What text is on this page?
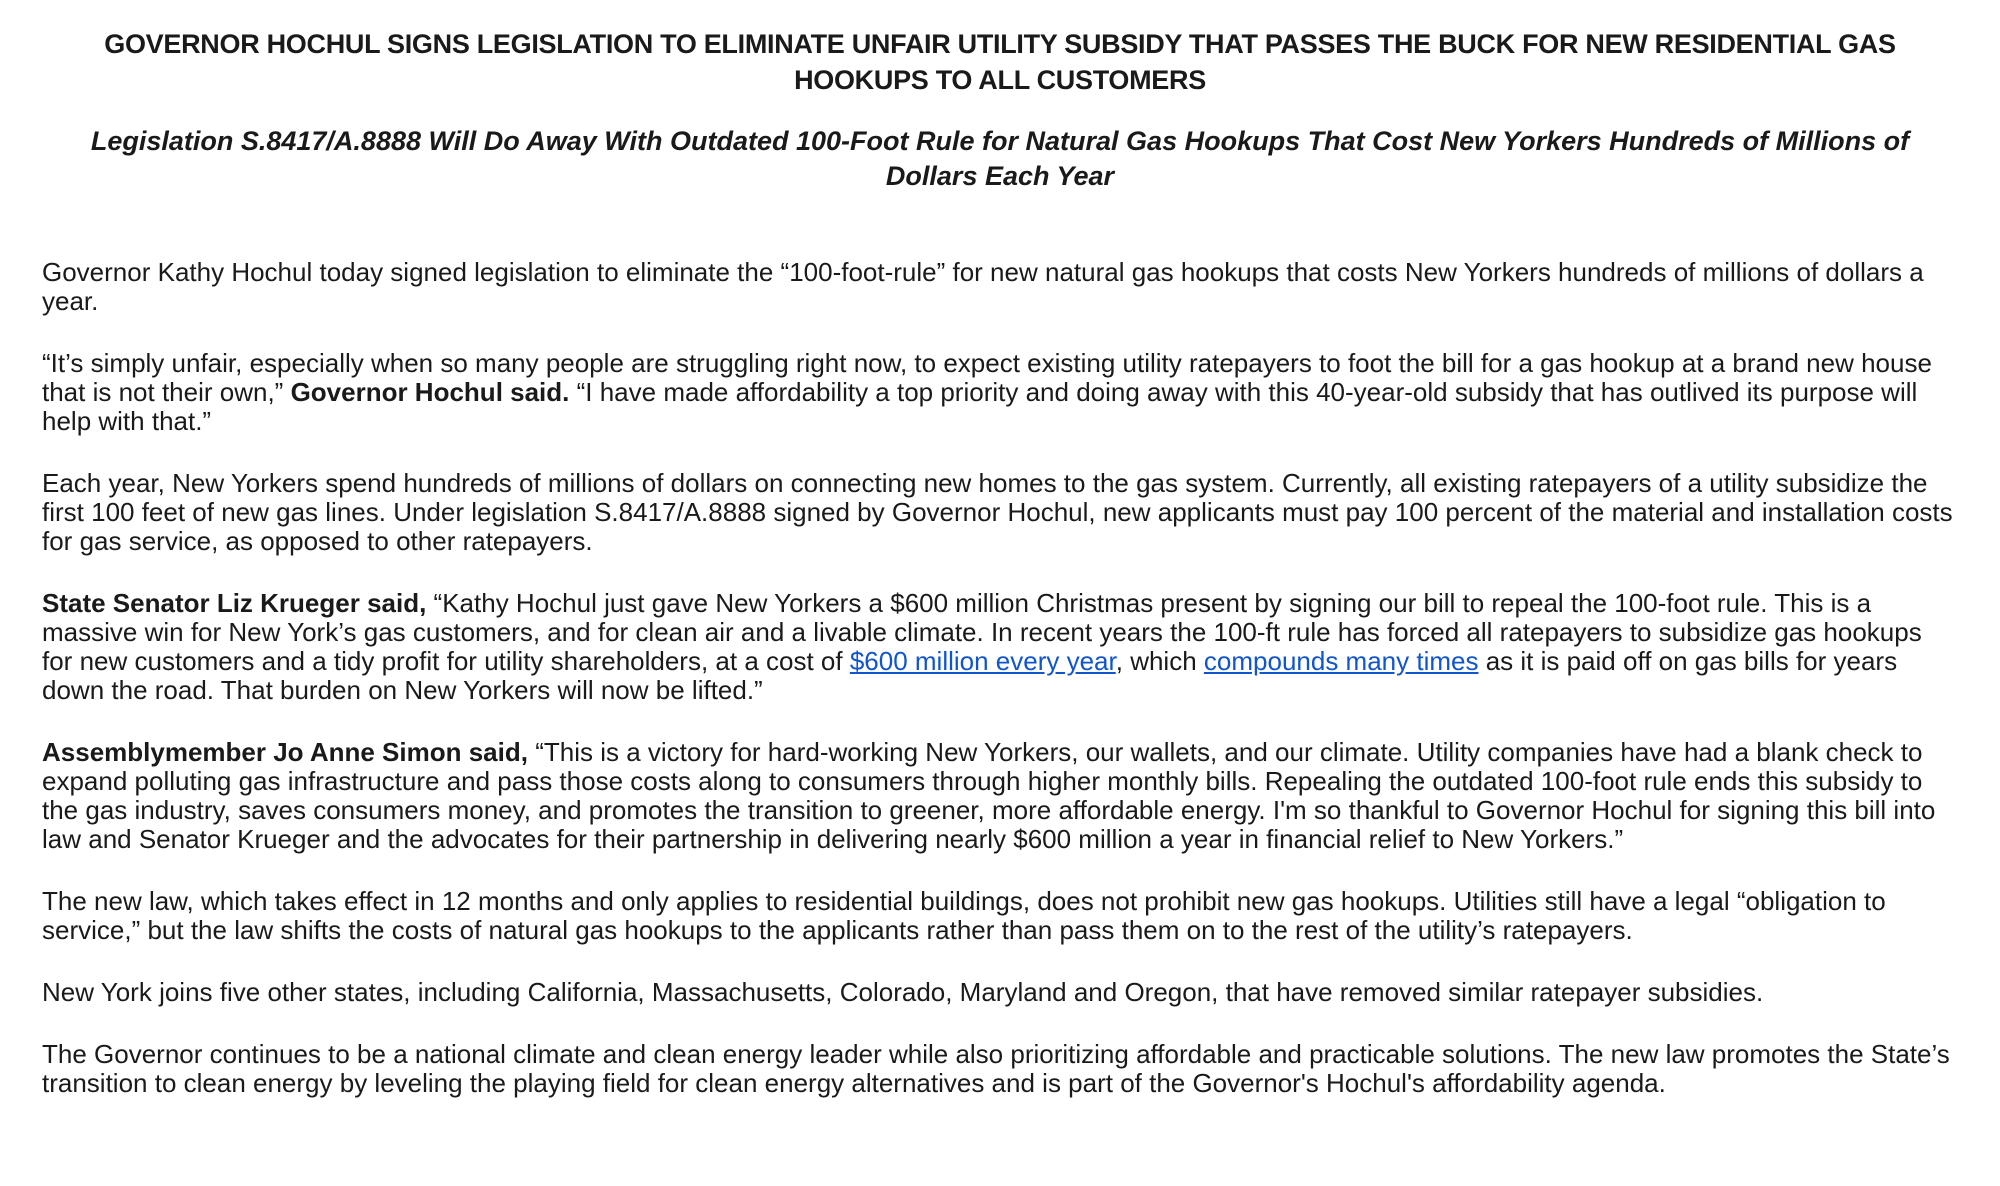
GOVERNOR HOCHUL SIGNS LEGISLATION TO ELIMINATE UNFAIR UTILITY SUBSIDY THAT PASSES THE BUCK FOR NEW RESIDENTIAL GAS HOOKUPS TO ALL CUSTOMERS
Legislation S.8417/A.8888 Will Do Away With Outdated 100-Foot Rule for Natural Gas Hookups That Cost New Yorkers Hundreds of Millions of Dollars Each Year

Governor Kathy Hochul today signed legislation to eliminate the “100-foot-rule” for new natural gas hookups that costs New Yorkers hundreds of millions of dollars a year.

“It’s simply unfair, especially when so many people are struggling right now, to expect existing utility ratepayers to foot the bill for a gas hookup at a brand new house that is not their own,” Governor Hochul said. “I have made affordability a top priority and doing away with this 40-year-old subsidy that has outlived its purpose will help with that.”

Each year, New Yorkers spend hundreds of millions of dollars on connecting new homes to the gas system. Currently, all existing ratepayers of a utility subsidize the first 100 feet of new gas lines. Under legislation S.8417/A.8888 signed by Governor Hochul, new applicants must pay 100 percent of the material and installation costs for gas service, as opposed to other ratepayers.

State Senator Liz Krueger said, “Kathy Hochul just gave New Yorkers a $600 million Christmas present by signing our bill to repeal the 100-foot rule. This is a massive win for New York’s gas customers, and for clean air and a livable climate. In recent years the 100-ft rule has forced all ratepayers to subsidize gas hookups for new customers and a tidy profit for utility shareholders, at a cost of $600 million every year, which compounds many times as it is paid off on gas bills for years down the road. That burden on New Yorkers will now be lifted.”

Assemblymember Jo Anne Simon said, “This is a victory for hard-working New Yorkers, our wallets, and our climate. Utility companies have had a blank check to expand polluting gas infrastructure and pass those costs along to consumers through higher monthly bills. Repealing the outdated 100-foot rule ends this subsidy to the gas industry, saves consumers money, and promotes the transition to greener, more affordable energy. I'm so thankful to Governor Hochul for signing this bill into law and Senator Krueger and the advocates for their partnership in delivering nearly $600 million a year in financial relief to New Yorkers.”

The new law, which takes effect in 12 months and only applies to residential buildings, does not prohibit new gas hookups. Utilities still have a legal “obligation to service,” but the law shifts the costs of natural gas hookups to the applicants rather than pass them on to the rest of the utility’s ratepayers.

New York joins five other states, including California, Massachusetts, Colorado, Maryland and Oregon, that have removed similar ratepayer subsidies.

The Governor continues to be a national climate and clean energy leader while also prioritizing affordable and practicable solutions. The new law promotes the State’s transition to clean energy by leveling the playing field for clean energy alternatives and is part of the Governor's Hochul's affordability agenda.
